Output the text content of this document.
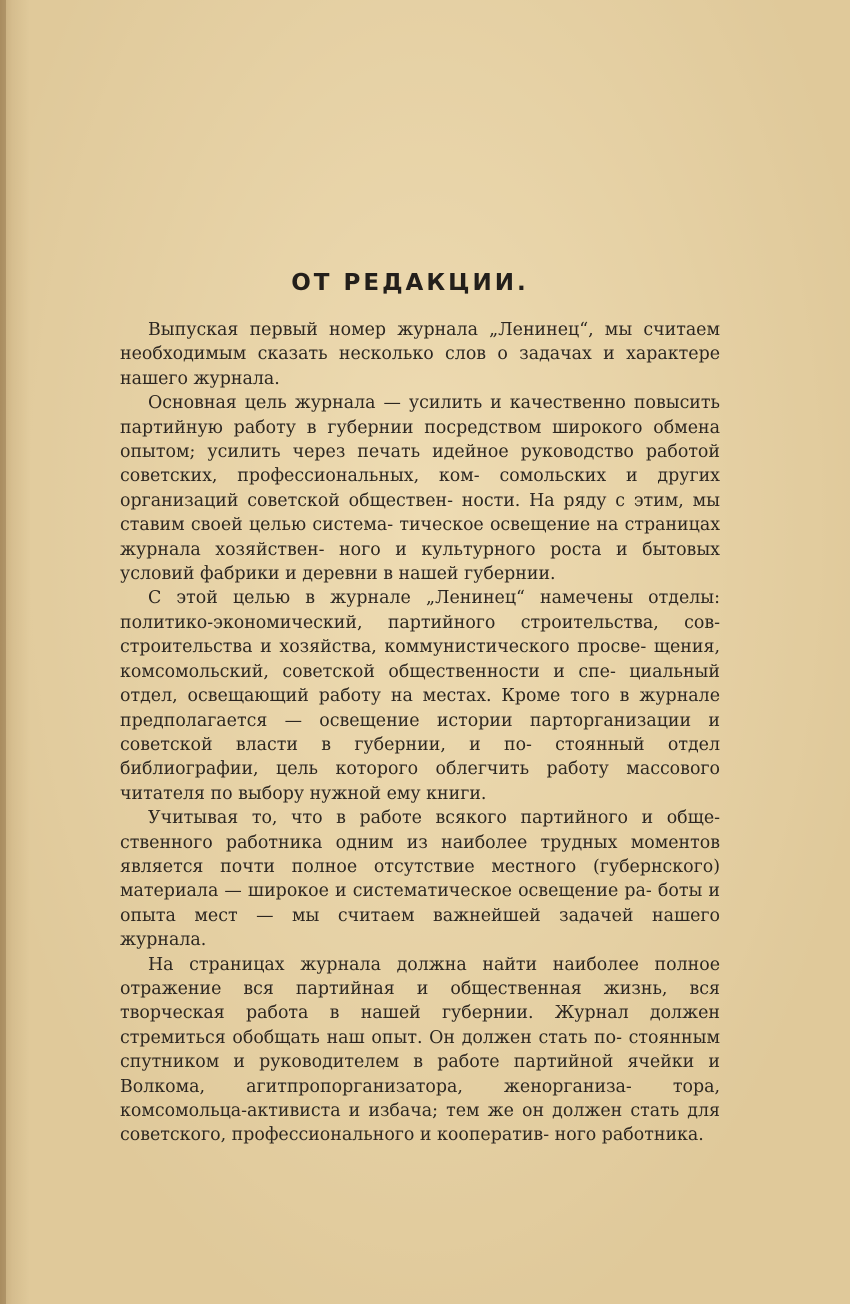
ОТ РЕДАКЦИИ.

Выпуская первый номер журнала „Ленинец“, мы считаем необходимым сказать несколько слов о задачах и характере нашего журнала.

Основная цель журнала — усилить и качественно повысить партийную работу в губернии посредством широкого обмена опытом; усилить через печать идейное руководство работой советских, профессиональных, ком- сомольских и других организаций советской обществен- ности. На ряду с этим, мы ставим своей целью система- тическое освещение на страницах журнала хозяйствен- ного и культурного роста и бытовых условий фабрики и деревни в нашей губернии.

С этой целью в журнале „Ленинец“ намечены отделы: политико-экономический, партийного строительства, сов- строительства и хозяйства, коммунистического просве- щения, комсомольский, советской общественности и спе- циальный отдел, освещающий работу на местах. Кроме того в журнале предполагается — освещение истории парторганизации и советской власти в губернии, и по- стоянный отдел библиографии, цель которого облегчить работу массового читателя по выбору нужной ему книги.

Учитывая то, что в работе всякого партийного и обще- ственного работника одним из наиболее трудных моментов является почти полное отсутствие местного (губернского) материала — широкое и систематическое освещение ра- боты и опыта мест — мы считаем важнейшей задачей нашего журнала.

На страницах журнала должна найти наиболее полное отражение вся партийная и общественная жизнь, вся творческая работа в нашей губернии. Журнал должен стремиться обобщать наш опыт. Он должен стать по- стоянным спутником и руководителем в работе партийной ячейки и Волкома, агитпропорганизатора, женорганиза- тора, комсомольца-активиста и избача; тем же он должен стать для советского, профессионального и кооператив- ного работника.
